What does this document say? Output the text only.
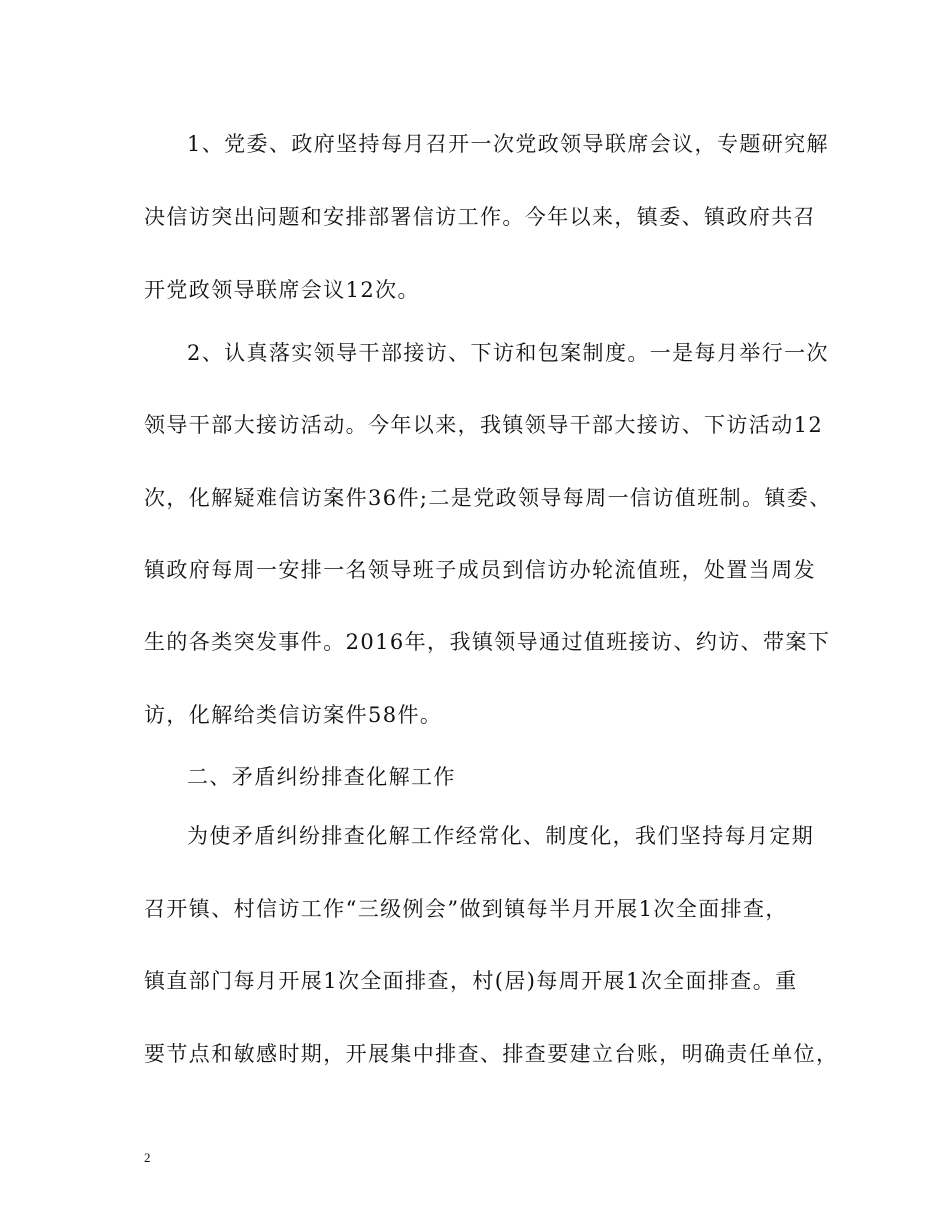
1、党委、政府坚持每月召开一次党政领导联席会议，专题研究解
决信访突出问题和安排部署信访工作。今年以来，镇委、镇政府共召
开党政领导联席会议12次。
2、认真落实领导干部接访、下访和包案制度。一是每月举行一次
领导干部大接访活动。今年以来，我镇领导干部大接访、下访活动12
次，化解疑难信访案件36件;二是党政领导每周一信访值班制。镇委、
镇政府每周一安排一名领导班子成员到信访办轮流值班，处置当周发
生的各类突发事件。2016年，我镇领导通过值班接访、约访、带案下
访，化解给类信访案件58件。
二、矛盾纠纷排查化解工作
为使矛盾纠纷排查化解工作经常化、制度化，我们坚持每月定期
召开镇、村信访工作“三级例会”做到镇每半月开展1次全面排查，
镇直部门每月开展1次全面排查，村(居)每周开展1次全面排查。重
要节点和敏感时期，开展集中排查、排查要建立台账，明确责任单位，
2
